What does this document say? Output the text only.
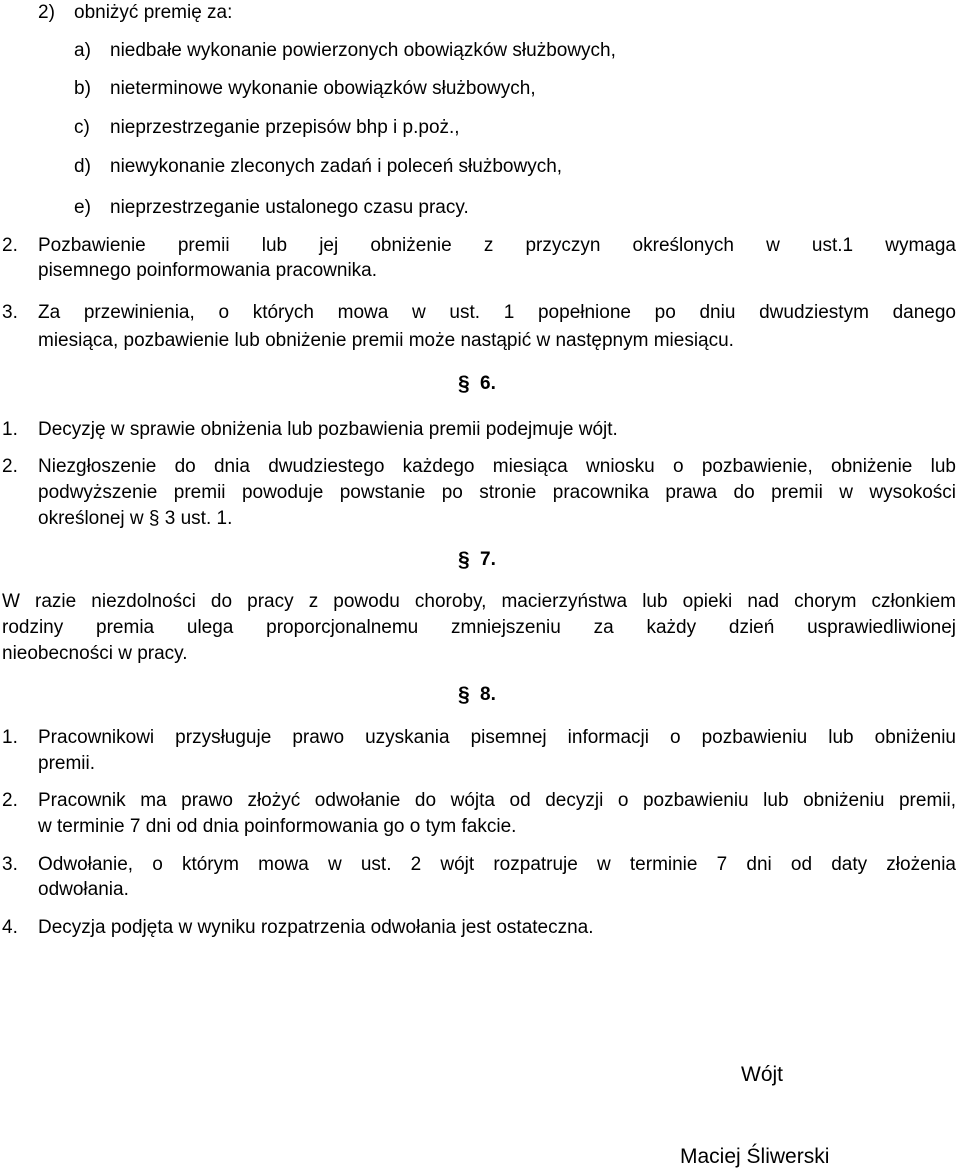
2) obniżyć premię za:
a) niedbałe wykonanie powierzonych obowiązków służbowych,
b) nieterminowe wykonanie obowiązków służbowych,
c) nieprzestrzeganie przepisów bhp i p.poż.,
d) niewykonanie zleconych zadań i poleceń służbowych,
e) nieprzestrzeganie ustalonego czasu pracy.
2. Pozbawienie premii lub jej obniżenie z przyczyn określonych w ust.1 wymaga
pisemnego poinformowania pracownika.
3. Za przewinienia, o których mowa w ust. 1 popełnione po dniu dwudziestym danego
miesiąca, pozbawienie lub obniżenie premii może nastąpić w następnym miesiącu.
§ 6.
1. Decyzję w sprawie obniżenia lub pozbawienia premii podejmuje wójt.
2. Niezgłoszenie do dnia dwudziestego każdego miesiąca wniosku o pozbawienie, obniżenie lub
podwyższenie premii powoduje powstanie po stronie pracownika prawa do premii w wysokości
określonej w § 3 ust. 1.
§ 7.
W razie niezdolności do pracy z powodu choroby, macierzyństwa lub opieki nad chorym członkiem
rodziny premia ulega proporcjonalnemu zmniejszeniu za każdy dzień usprawiedliwionej
nieobecności w pracy.
§ 8.
1. Pracownikowi przysługuje prawo uzyskania pisemnej informacji o pozbawieniu lub obniżeniu
premii.
2. Pracownik ma prawo złożyć odwołanie do wójta od decyzji o pozbawieniu lub obniżeniu premii,
w terminie 7 dni od dnia poinformowania go o tym fakcie.
3. Odwołanie, o którym mowa w ust. 2 wójt rozpatruje w terminie 7 dni od daty złożenia
odwołania.
4. Decyzja podjęta w wyniku rozpatrzenia odwołania jest ostateczna.
Wójt
Maciej Śliwerski
